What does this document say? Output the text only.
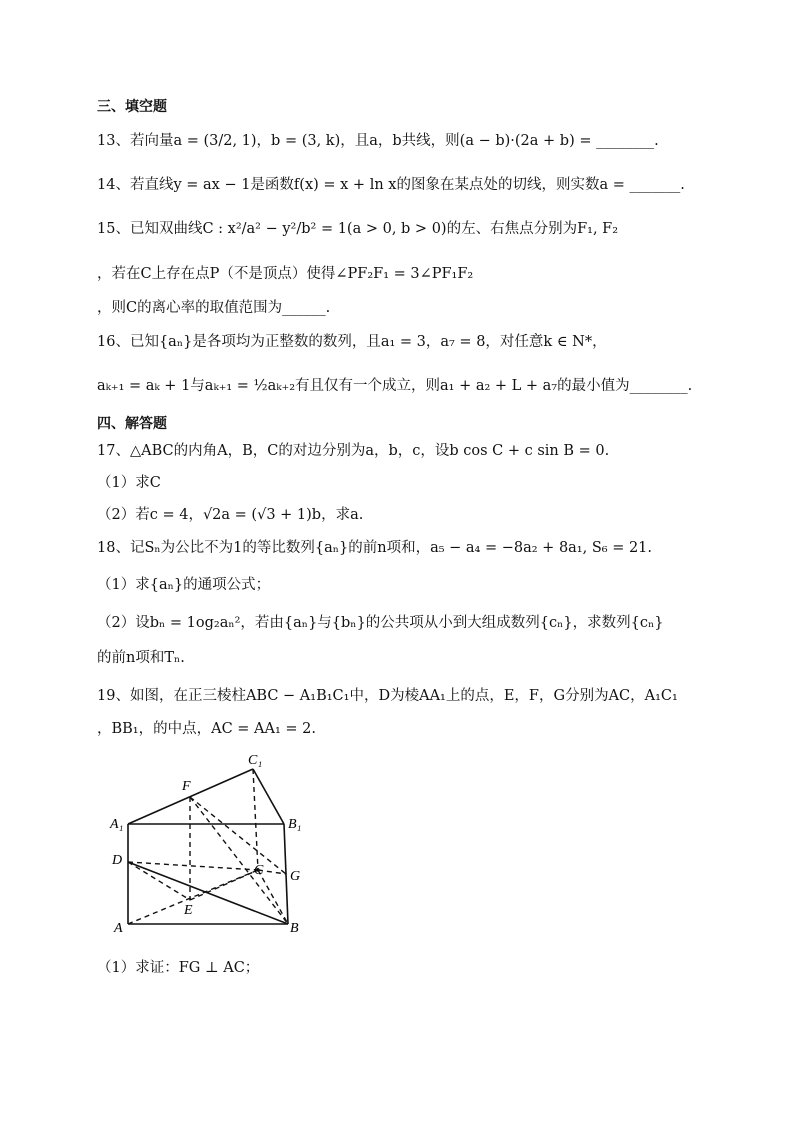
三、填空题
13、若向量a = (3/2, 1)，b = (3, k)，且a，b共线，则(a − b)·(2a + b) = ________.
14、若直线y = ax − 1是函数f(x) = x + ln x的图象在某点处的切线，则实数a = _______.
15、已知双曲线C : x²/a² − y²/b² = 1(a > 0, b > 0)的左、右焦点分别为F₁, F₂
，若在C上存在点P（不是顶点）使得∠PF₂F₁ = 3∠PF₁F₂
，则C的离心率的取值范围为______.
16、已知{aₙ}是各项均为正整数的数列，且a₁ = 3，a₇ = 8，对任意k ∈ N*，
aₖ₊₁ = aₖ + 1与aₖ₊₁ = ½aₖ₊₂有且仅有一个成立，则a₁ + a₂ + L + a₇的最小值为________.
四、解答题
17、△ABC的内角A，B，C的对边分别为a，b，c，设b cos C + c sin B = 0.
（1）求C
（2）若c = 4，√2a = (√3 + 1)b，求a.
18、记Sₙ为公比不为1的等比数列{aₙ}的前n项和，a₅ − a₄ = −8a₂ + 8a₁, S₆ = 21.
（1）求{aₙ}的通项公式；
（2）设bₙ = 1og₂aₙ²，若由{aₙ}与{bₙ}的公共项从小到大组成数列{cₙ}，求数列{cₙ}
的前n项和Tₙ.
19、如图，在正三棱柱ABC − A₁B₁C₁中，D为棱AA₁上的点，E，F，G分别为AC，A₁C₁
，BB₁，的中点，AC = AA₁ = 2.
C₁
F
A₁	B₁
D
C G
E
A	B
（1）求证：FG ⊥ AC；
